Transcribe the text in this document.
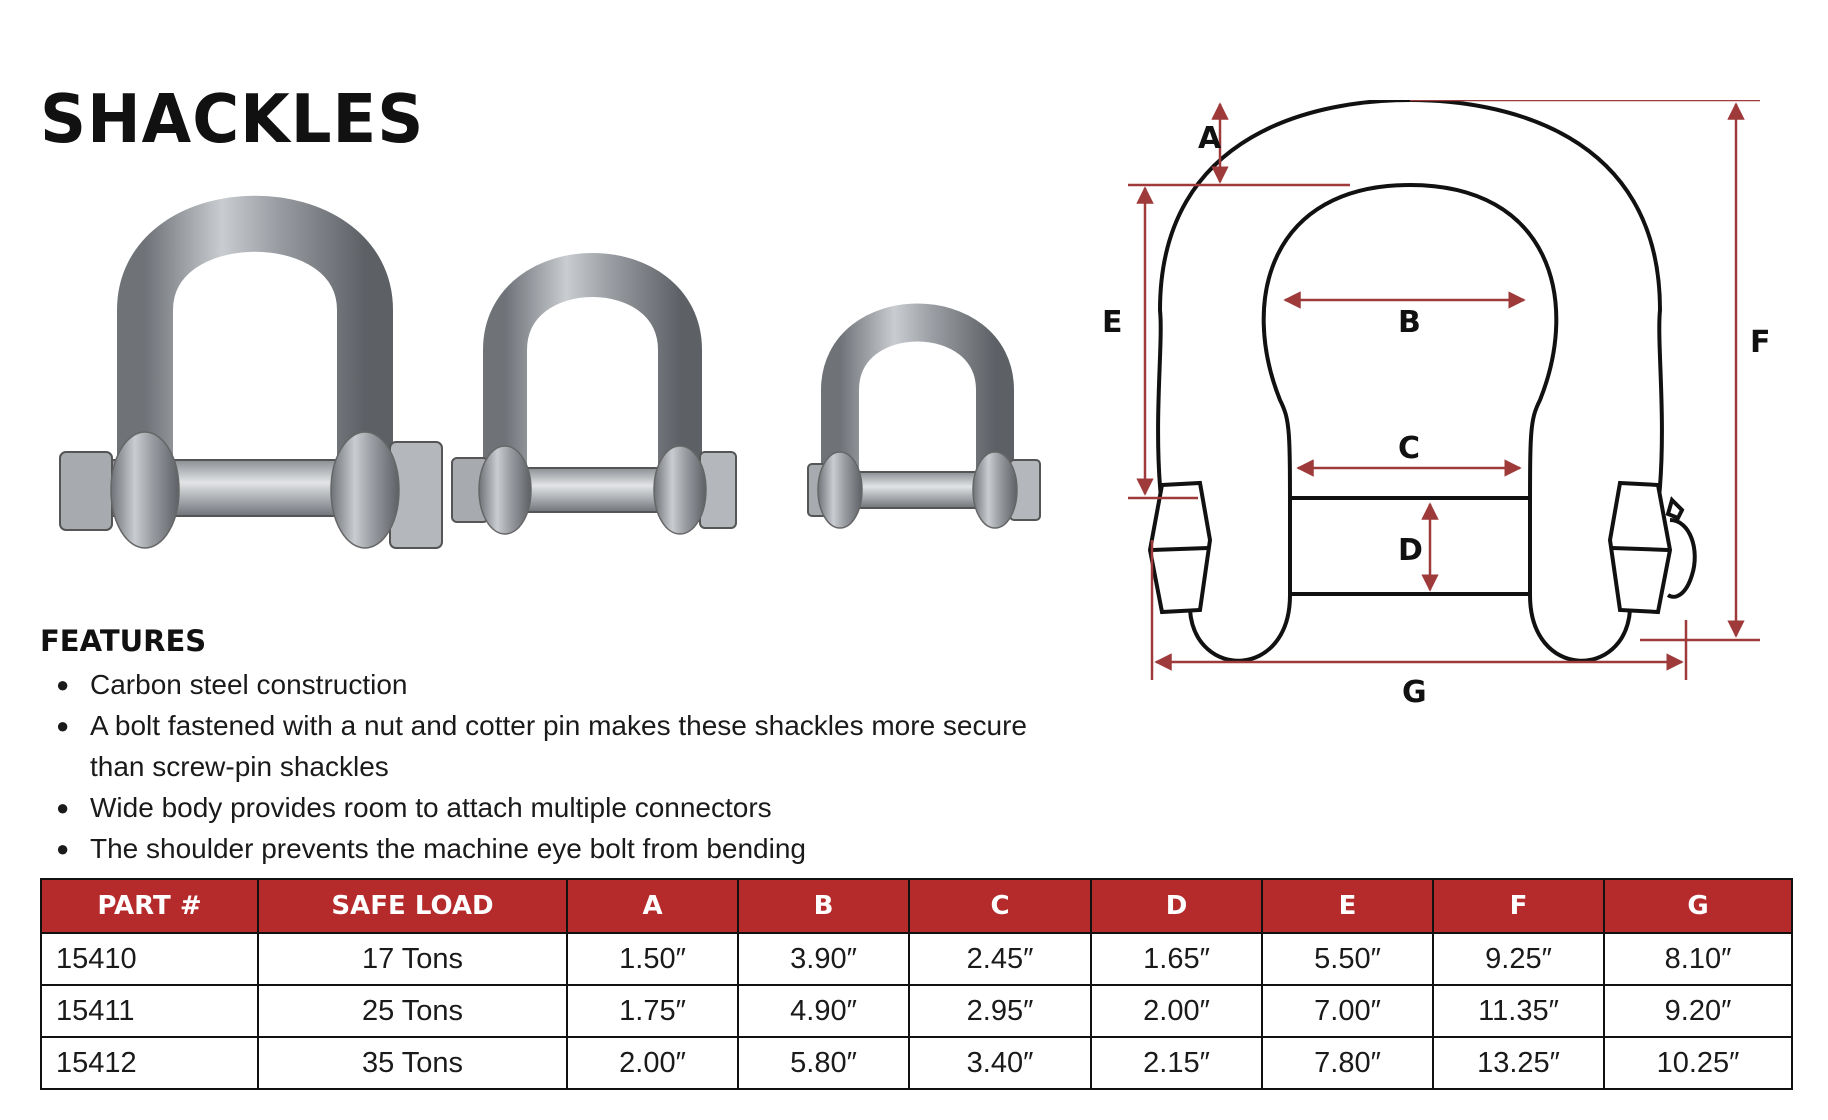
SHACKLES
FEATURES
● Carbon steel construction
● A bolt fastened with a nut and cotter pin makes these shackles more secure than screw-pin shackles
● Wide body provides room to attach multiple connectors
● The shoulder prevents the machine eye bolt from bending
A
B
C
D
E
F
G
PART #	SAFE LOAD	A	B	C	D	E	F	G
15410	17 Tons	1.50″	3.90″	2.45″	1.65″	5.50″	9.25″	8.10″
15411	25 Tons	1.75″	4.90″	2.95″	2.00″	7.00″	11.35″	9.20″
15412	35 Tons	2.00″	5.80″	3.40″	2.15″	7.80″	13.25″	10.25″
